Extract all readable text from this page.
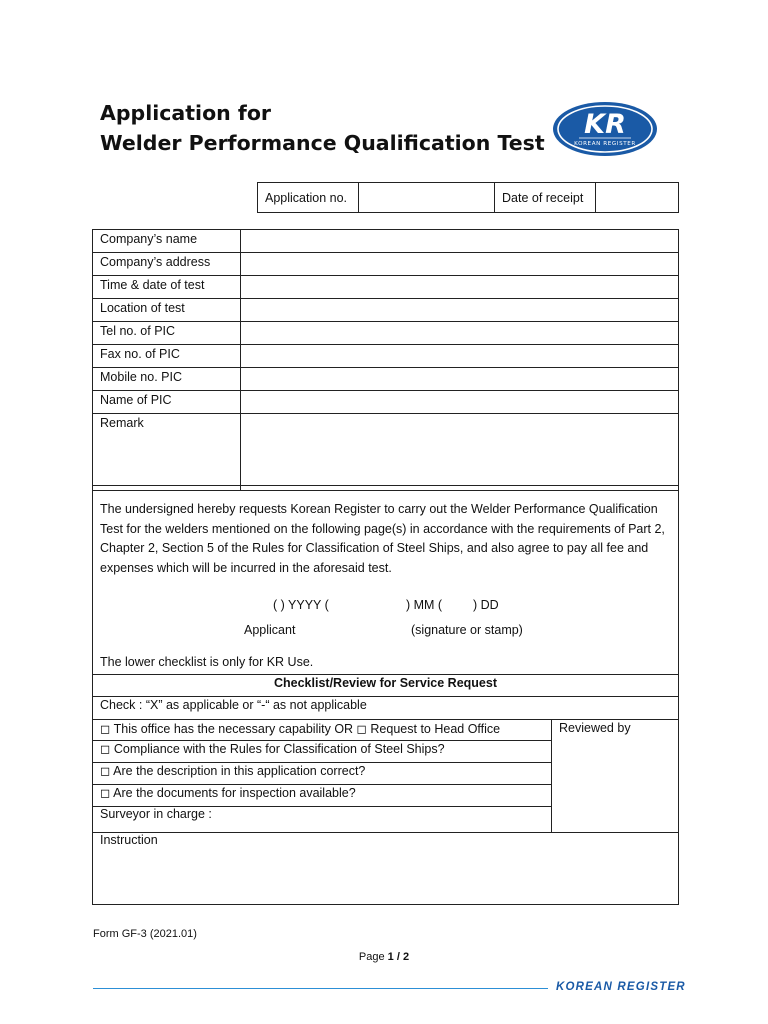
Application for
Welder Performance Qualification Test
KR
KOREAN REGISTER
Application no.		Date of receipt	
Company’s name	
Company’s address	
Time & date of test	
Location of test	
Tel no. of PIC	
Fax no. of PIC	
Mobile no. PIC	
Name of PIC	
Remark	

The undersigned hereby requests Korean Register to carry out the Welder Performance Qualification Test for the welders mentioned on the following page(s) in accordance with the requirements of Part 2, Chapter 2, Section 5 of the Rules for Classification of Steel Ships, and also agree to pay all fee and expenses which will be incurred in the aforesaid test.

( ) YYYY (	) MM ( ) DD
Applicant	(signature or stamp)
The lower checklist is only for KR Use.
Checklist/Review for Service Request
Check : “X” as applicable or “-“ as not applicable
◻ This office has the necessary capability OR ◻ Request to Head Office
◻ Compliance with the Rules for Classification of Steel Ships?
◻ Are the description in this application correct?
◻ Are the documents for inspection available?
Surveyor in charge :
Reviewed by
Instruction
Form GF-3 (2021.01)
Page 1 / 2
KOREAN REGISTER
